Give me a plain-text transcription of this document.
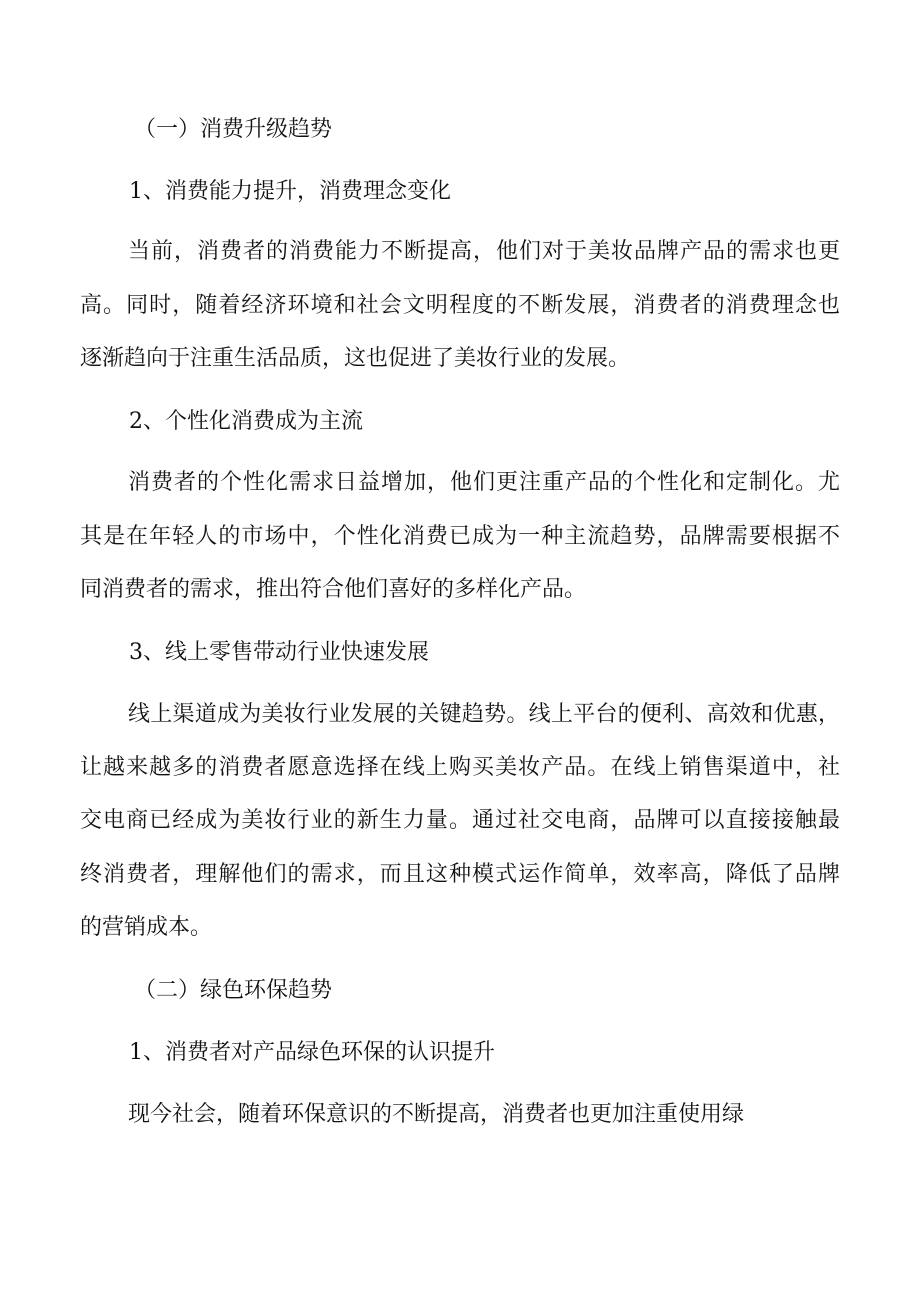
（一）消费升级趋势
1、消费能力提升，消费理念变化
当前，消费者的消费能力不断提高，他们对于美妆品牌产品的需求也更
高。同时，随着经济环境和社会文明程度的不断发展，消费者的消费理念也
逐渐趋向于注重生活品质，这也促进了美妆行业的发展。
2、个性化消费成为主流
消费者的个性化需求日益增加，他们更注重产品的个性化和定制化。尤
其是在年轻人的市场中，个性化消费已成为一种主流趋势，品牌需要根据不
同消费者的需求，推出符合他们喜好的多样化产品。
3、线上零售带动行业快速发展
线上渠道成为美妆行业发展的关键趋势。线上平台的便利、高效和优惠，
让越来越多的消费者愿意选择在线上购买美妆产品。在线上销售渠道中，社
交电商已经成为美妆行业的新生力量。通过社交电商，品牌可以直接接触最
终消费者，理解他们的需求，而且这种模式运作简单，效率高，降低了品牌
的营销成本。
（二）绿色环保趋势
1、消费者对产品绿色环保的认识提升
现今社会，随着环保意识的不断提高，消费者也更加注重使用绿
